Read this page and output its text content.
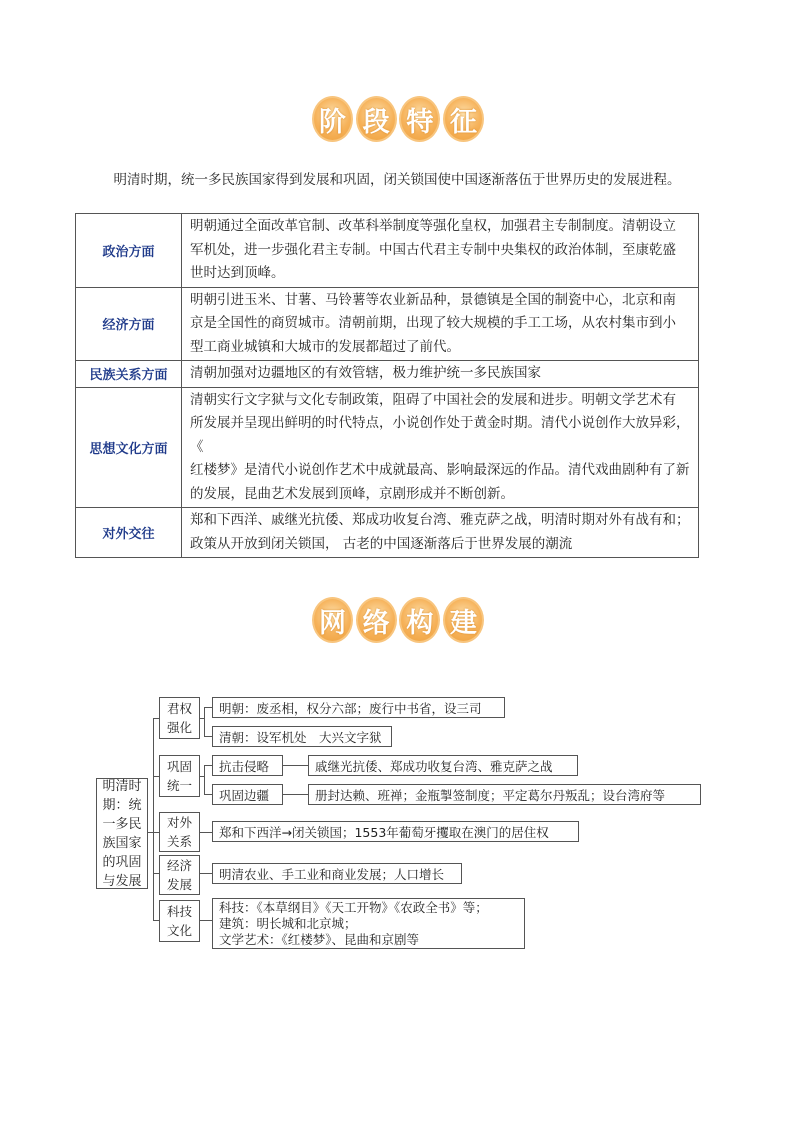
阶 段 特 征

明清时期，统一多民族国家得到发展和巩固，闭关锁国使中国逐渐落伍于世界历史的发展进程。

政治方面	明朝通过全面改革官制、改革科举制度等强化皇权，加强君主专制制度。清朝设立
军机处，进一步强化君主专制。中国古代君主专制中央集权的政治体制，至康乾盛
世时达到顶峰。

经济方面	明朝引进玉米、甘薯、马铃薯等农业新品种，景德镇是全国的制瓷中心，北京和南
京是全国性的商贸城市。清朝前期，出现了较大规模的手工工场，从农村集市到小
型工商业城镇和大城市的发展都超过了前代。

民族关系方面	清朝加强对边疆地区的有效管辖，极力维护统一多民族国家

思想文化方面	清朝实行文字狱与文化专制政策，阻碍了中国社会的发展和进步。明朝文学艺术有
所发展并呈现出鲜明的时代特点，小说创作处于黄金时期。清代小说创作大放异彩，《
红楼梦》是清代小说创作艺术中成就最高、影响最深远的作品。清代戏曲剧种有了新
的发展，昆曲艺术发展到顶峰，京剧形成并不断创新。

对外交往	郑和下西洋、戚继光抗倭、郑成功收复台湾、雅克萨之战，明清时期对外有战有和；
政策从开放到闭关锁国， 古老的中国逐渐落后于世界发展的潮流
网 络 构 建
明清时期：统一多民族国家的巩固与发展
君权强化
巩固统一
对外关系
经济发展
科技文化
明朝：废丞相，权分六部；废行中书省，设三司
清朝：设军机处　大兴文字狱
抗击侵略	戚继光抗倭、郑成功收复台湾、雅克萨之战
巩固边疆	册封达赖、班禅；金瓶掣签制度；平定葛尔丹叛乱；设台湾府等
郑和下西洋→闭关锁国；1553年葡萄牙攫取在澳门的居住权
明清农业、手工业和商业发展；人口增长
科技：《本草纲目》《天工开物》《农政全书》等；
建筑：明长城和北京城；
文学艺术：《红楼梦》、昆曲和京剧等
